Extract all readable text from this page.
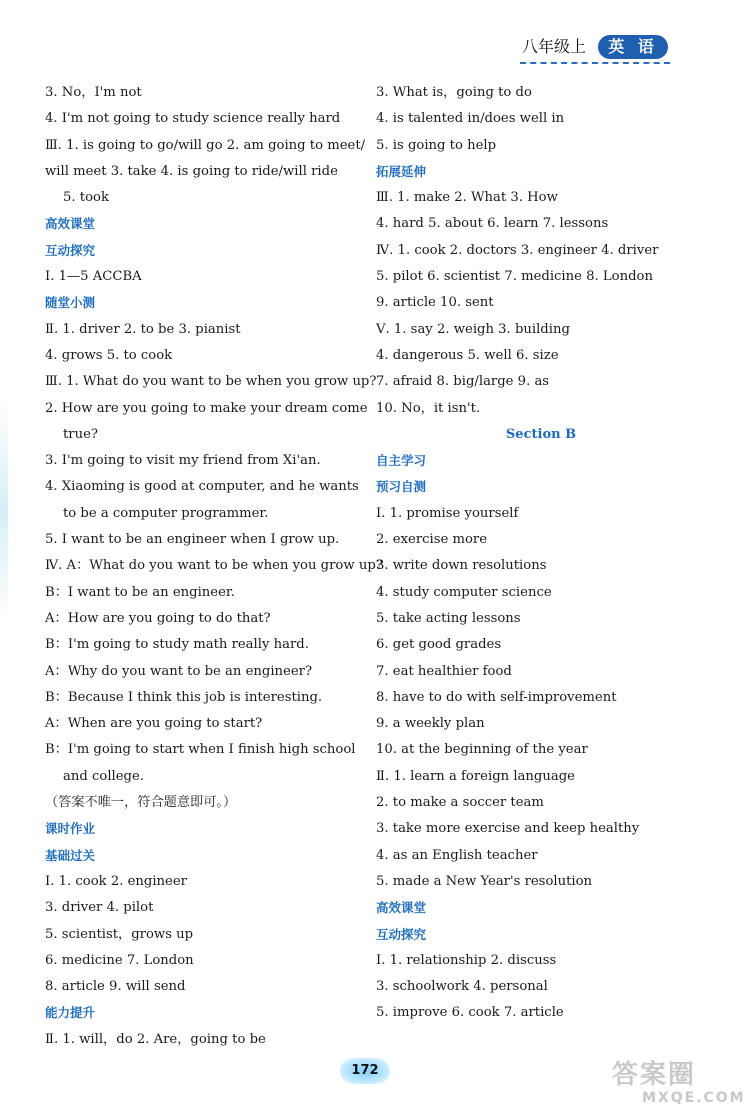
八年级上	英 语
3. No，I'm not
4. I'm not going to study science really hard
Ⅲ. 1. is going to go/will go 2. am going to meet/
will meet 3. take 4. is going to ride/will ride
5. took
高效课堂
互动探究
Ⅰ. 1—5 ACCBA
随堂小测
Ⅱ. 1. driver 2. to be 3. pianist
4. grows 5. to cook
Ⅲ. 1. What do you want to be when you grow up?
2. How are you going to make your dream come
true?
3. I'm going to visit my friend from Xi'an.
4. Xiaoming is good at computer, and he wants
to be a computer programmer.
5. I want to be an engineer when I grow up.
Ⅳ. A：What do you want to be when you grow up?
B：I want to be an engineer.
A：How are you going to do that?
B：I'm going to study math really hard.
A：Why do you want to be an engineer?
B：Because I think this job is interesting.
A：When are you going to start?
B：I'm going to start when I finish high school
and college.
（答案不唯一，符合题意即可。）
课时作业
基础过关
Ⅰ. 1. cook 2. engineer
3. driver 4. pilot
5. scientist，grows up
6. medicine 7. London
8. article 9. will send
能力提升
Ⅱ. 1. will，do 2. Are，going to be
3. What is，going to do
4. is talented in/does well in
5. is going to help
拓展延伸
Ⅲ. 1. make 2. What 3. How
4. hard 5. about 6. learn 7. lessons
Ⅳ. 1. cook 2. doctors 3. engineer 4. driver
5. pilot 6. scientist 7. medicine 8. London
9. article 10. sent
Ⅴ. 1. say 2. weigh 3. building
4. dangerous 5. well 6. size
7. afraid 8. big/large 9. as
10. No，it isn't.
Section B
自主学习
预习自测
Ⅰ. 1. promise yourself
2. exercise more
3. write down resolutions
4. study computer science
5. take acting lessons
6. get good grades
7. eat healthier food
8. have to do with self-improvement
9. a weekly plan
10. at the beginning of the year
Ⅱ. 1. learn a foreign language
2. to make a soccer team
3. take more exercise and keep healthy
4. as an English teacher
5. made a New Year's resolution
高效课堂
互动探究
Ⅰ. 1. relationship 2. discuss
3. schoolwork 4. personal
5. improve 6. cook 7. article
172	答案圈
MXQE.COM
